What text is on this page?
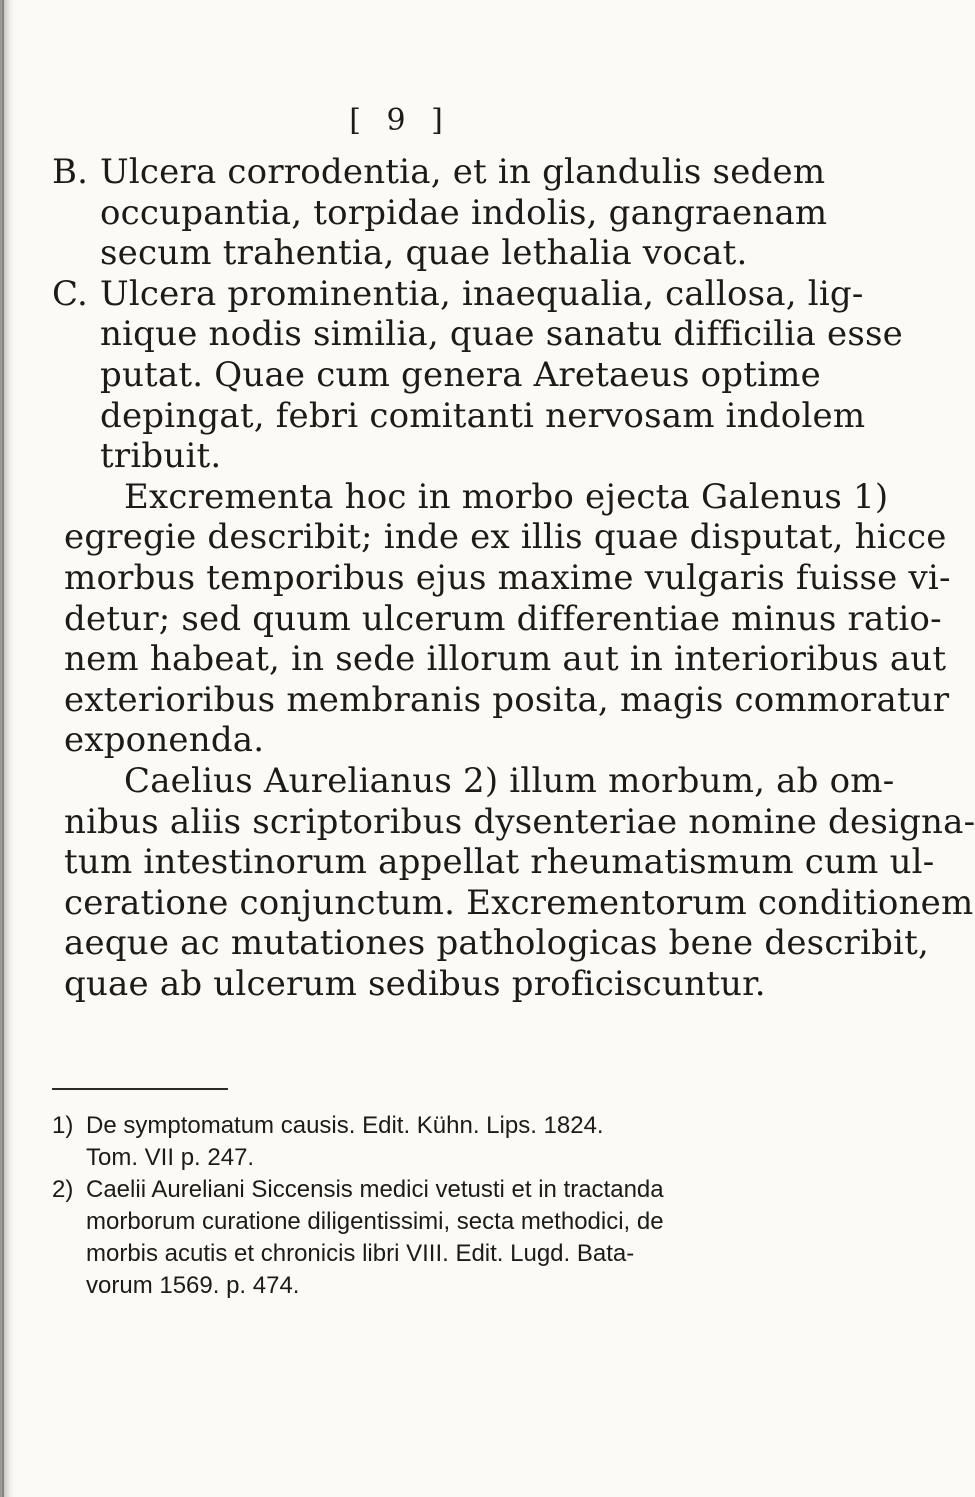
[ 9 ]
B. Ulcera corrodentia, et in glandulis sedem
occupantia, torpidae indolis, gangraenam
secum trahentia, quae lethalia vocat.
C. Ulcera prominentia, inaequalia, callosa, lig-
nique nodis similia, quae sanatu difficilia esse
putat. Quae cum genera Aretaeus optime
depingat, febri comitanti nervosam indolem
tribuit.
Excrementa hoc in morbo ejecta Galenus 1)
egregie describit; inde ex illis quae disputat, hicce
morbus temporibus ejus maxime vulgaris fuisse vi-
detur; sed quum ulcerum differentiae minus ratio-
nem habeat, in sede illorum aut in interioribus aut
exterioribus membranis posita, magis commoratur
exponenda.
Caelius Aurelianus 2) illum morbum, ab om-
nibus aliis scriptoribus dysenteriae nomine designa-
tum intestinorum appellat rheumatismum cum ul-
ceratione conjunctum. Excrementorum conditionem
aeque ac mutationes pathologicas bene describit,
quae ab ulcerum sedibus proficiscuntur.
1) De symptomatum causis. Edit. Kühn. Lips. 1824.
Tom. VII p. 247.
2) Caelii Aureliani Siccensis medici vetusti et in tractanda
morborum curatione diligentissimi, secta methodici, de
morbis acutis et chronicis libri VIII. Edit. Lugd. Bata-
vorum 1569. p. 474.
